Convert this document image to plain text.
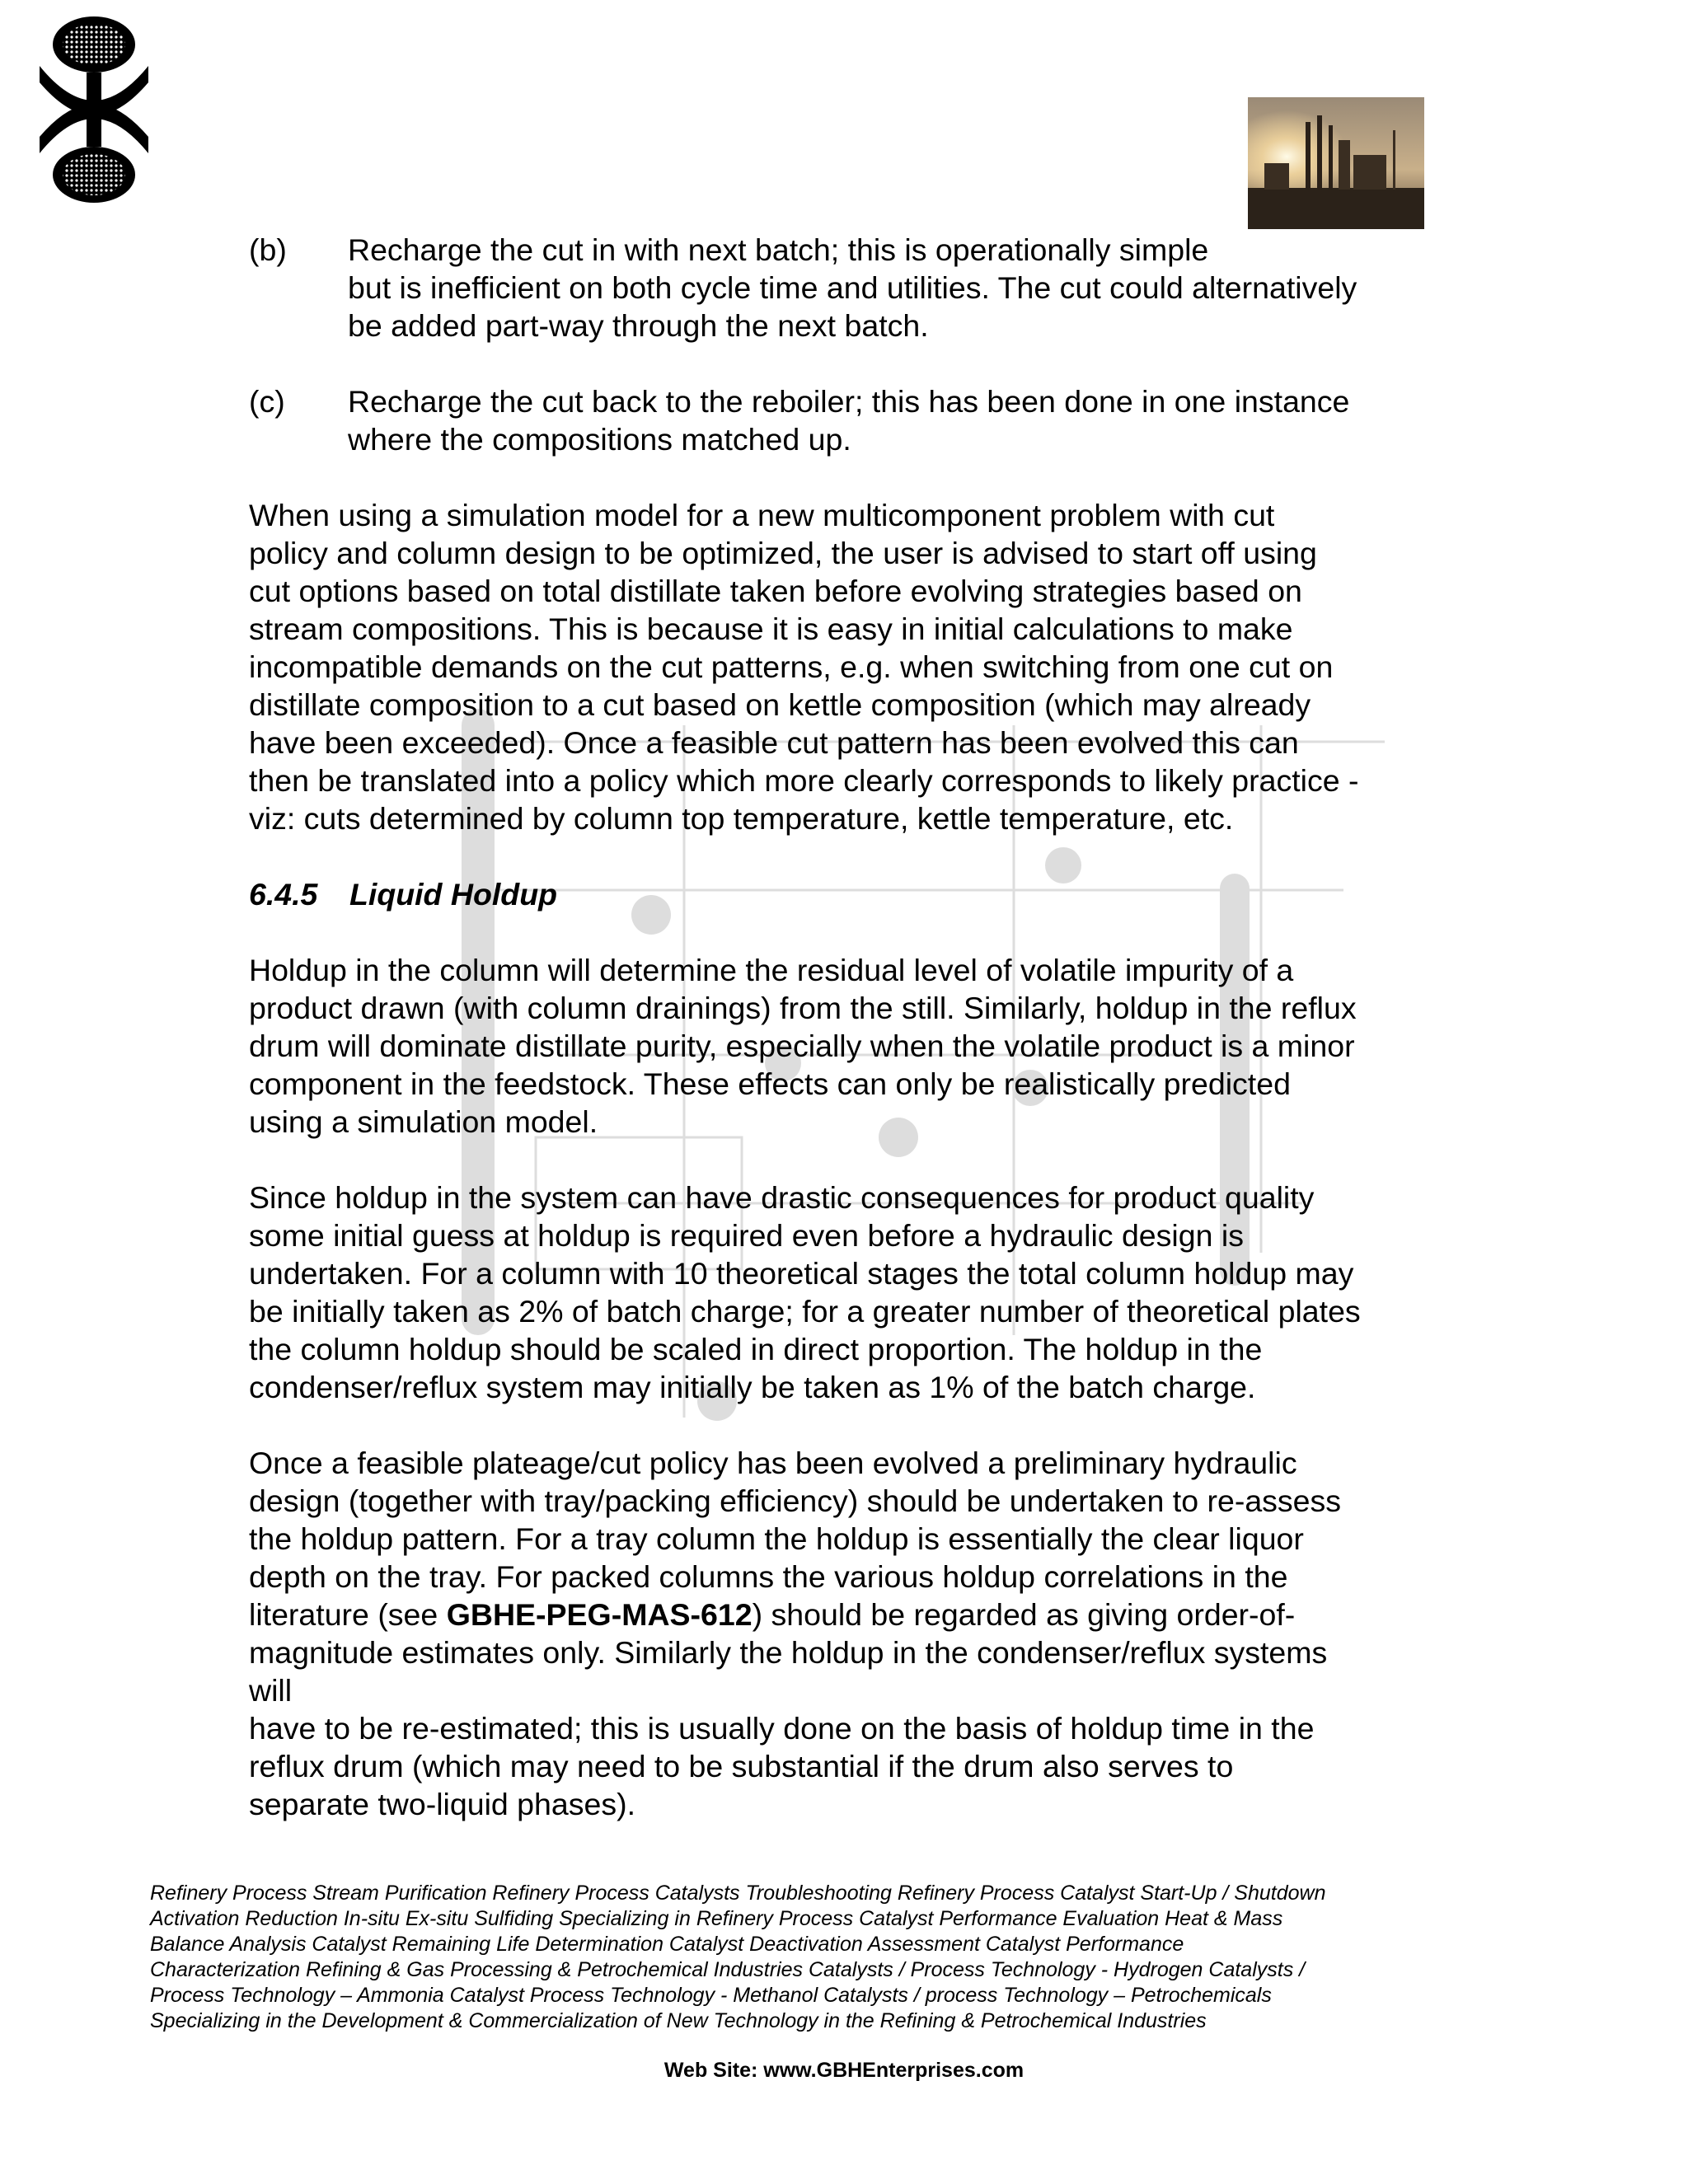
(b) Recharge the cut in with next batch; this is operationally simple
but is inefficient on both cycle time and utilities. The cut could alternatively
be added part-way through the next batch.
(c) Recharge the cut back to the reboiler; this has been done in one instance
where the compositions matched up.

When using a simulation model for a new multicomponent problem with cut
policy and column design to be optimized, the user is advised to start off using
cut options based on total distillate taken before evolving strategies based on
stream compositions. This is because it is easy in initial calculations to make
incompatible demands on the cut patterns, e.g. when switching from one cut on
distillate composition to a cut based on kettle composition (which may already
have been exceeded). Once a feasible cut pattern has been evolved this can
then be translated into a policy which more clearly corresponds to likely practice -
viz: cuts determined by column top temperature, kettle temperature, etc.

6.4.5 Liquid Holdup

Holdup in the column will determine the residual level of volatile impurity of a
product drawn (with column drainings) from the still. Similarly, holdup in the reflux
drum will dominate distillate purity, especially when the volatile product is a minor
component in the feedstock. These effects can only be realistically predicted
using a simulation model.

Since holdup in the system can have drastic consequences for product quality
some initial guess at holdup is required even before a hydraulic design is
undertaken. For a column with 10 theoretical stages the total column holdup may
be initially taken as 2% of batch charge; for a greater number of theoretical plates
the column holdup should be scaled in direct proportion. The holdup in the
condenser/reflux system may initially be taken as 1% of the batch charge.

Once a feasible plateage/cut policy has been evolved a preliminary hydraulic
design (together with tray/packing efficiency) should be undertaken to re-assess
the holdup pattern. For a tray column the holdup is essentially the clear liquor
depth on the tray. For packed columns the various holdup correlations in the
literature (see GBHE-PEG-MAS-612) should be regarded as giving order-of-
magnitude estimates only. Similarly the holdup in the condenser/reflux systems
will
have to be re-estimated; this is usually done on the basis of holdup time in the
reflux drum (which may need to be substantial if the drum also serves to
separate two-liquid phases).

Refinery Process Stream Purification Refinery Process Catalysts Troubleshooting Refinery Process Catalyst Start-Up / Shutdown
Activation Reduction In-situ Ex-situ Sulfiding Specializing in Refinery Process Catalyst Performance Evaluation Heat & Mass
Balance Analysis Catalyst Remaining Life Determination Catalyst Deactivation Assessment Catalyst Performance
Characterization Refining & Gas Processing & Petrochemical Industries Catalysts / Process Technology - Hydrogen Catalysts /
Process Technology – Ammonia Catalyst Process Technology - Methanol Catalysts / process Technology – Petrochemicals
Specializing in the Development & Commercialization of New Technology in the Refining & Petrochemical Industries
Web Site: www.GBHEnterprises.com
